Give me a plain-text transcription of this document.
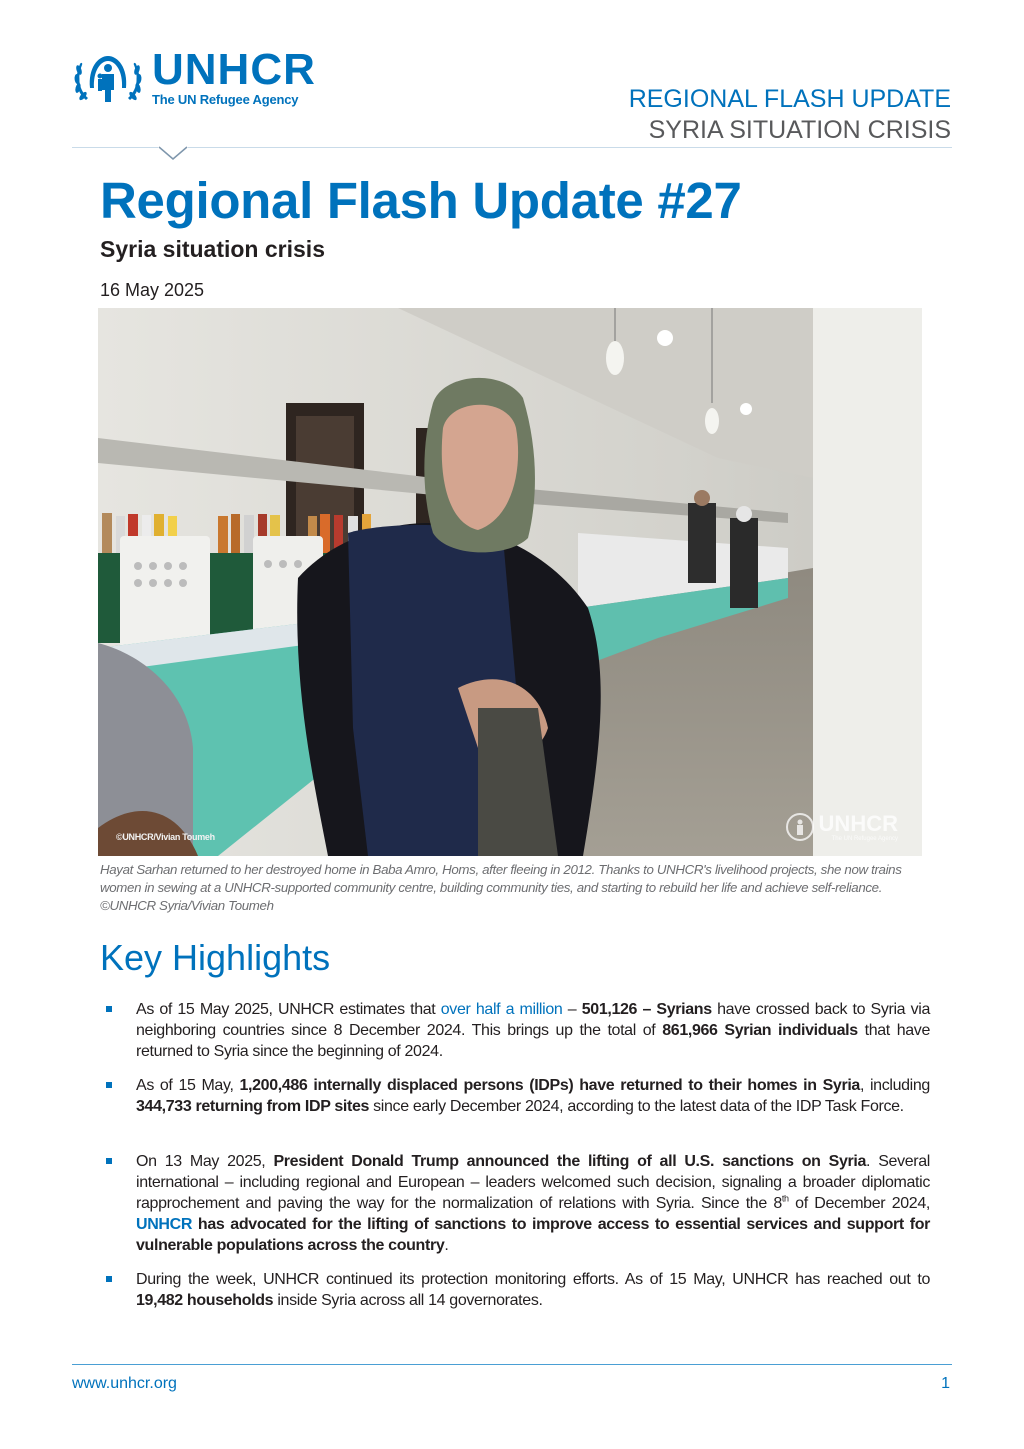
UNHCR
The UN Refugee Agency	REGIONAL FLASH UPDATE
SYRIA SITUATION CRISIS
Regional Flash Update #27
Syria situation crisis
16 May 2025
©UNHCR/Vivian Toumeh
UNHCR
The UN Refugee Agency
Hayat Sarhan returned to her destroyed home in Baba Amro, Homs, after fleeing in 2012. Thanks to UNHCR's livelihood projects, she now trains women in sewing at a UNHCR-supported community centre, building community ties, and starting to rebuild her life and achieve self-reliance. ©UNHCR Syria/Vivian Toumeh
Key Highlights
As of 15 May 2025, UNHCR estimates that over half a million – 501,126 – Syrians have crossed back to Syria via neighboring countries since 8 December 2024. This brings up the total of 861,966 Syrian individuals that have returned to Syria since the beginning of 2024.
As of 15 May, 1,200,486 internally displaced persons (IDPs) have returned to their homes in Syria, including 344,733 returning from IDP sites since early December 2024, according to the latest data of the IDP Task Force.
On 13 May 2025, President Donald Trump announced the lifting of all U.S. sanctions on Syria. Several international – including regional and European – leaders welcomed such decision, signaling a broader diplomatic rapprochement and paving the way for the normalization of relations with Syria. Since the 8th of December 2024, UNHCR has advocated for the lifting of sanctions to improve access to essential services and support for vulnerable populations across the country.
During the week, UNHCR continued its protection monitoring efforts. As of 15 May, UNHCR has reached out to 19,482 households inside Syria across all 14 governorates.
www.unhcr.org	1
